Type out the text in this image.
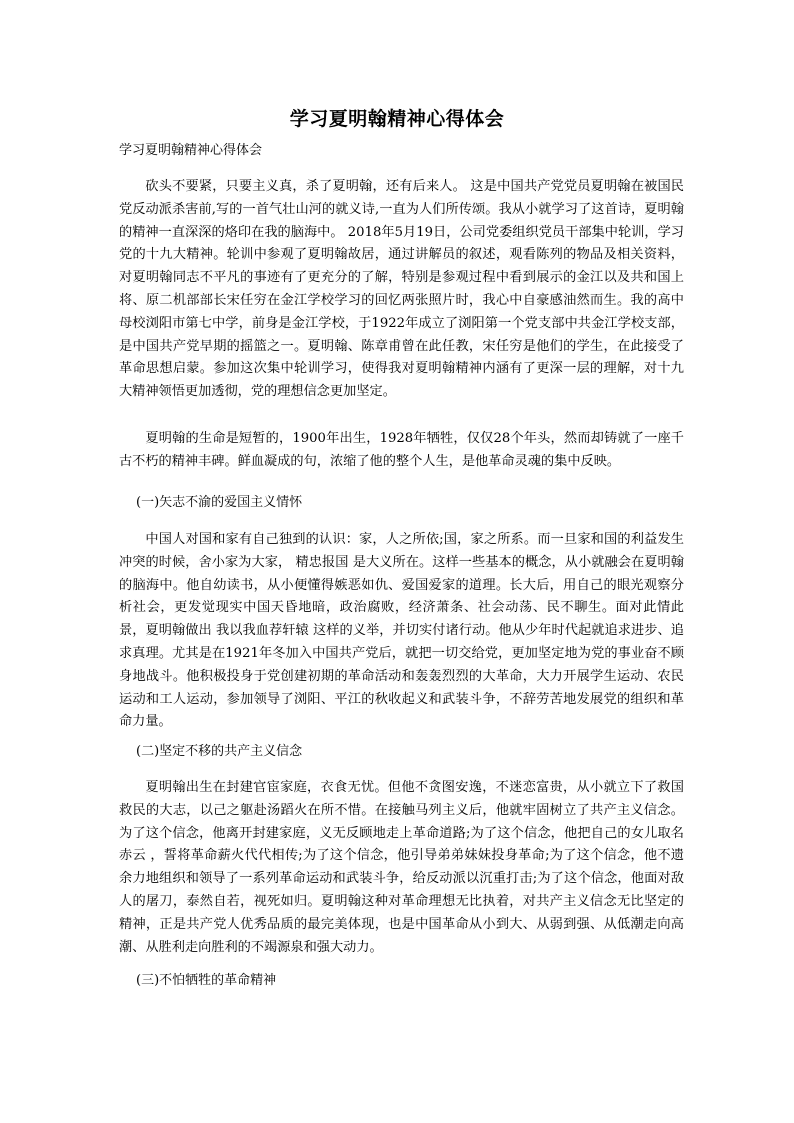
学习夏明翰精神心得体会
学习夏明翰精神心得体会

砍头不要紧，只要主义真，杀了夏明翰，还有后来人。 这是中国共产党党员夏明翰在被国民党反动派杀害前,写的一首气壮山河的就义诗,一直为人们所传颂。我从小就学习了这首诗，夏明翰的精神一直深深的烙印在我的脑海中。 2018年5月19日，公司党委组织党员干部集中轮训，学习党的十九大精神。轮训中参观了夏明翰故居，通过讲解员的叙述，观看陈列的物品及相关资料，对夏明翰同志不平凡的事迹有了更充分的了解，特别是参观过程中看到展示的金江以及共和国上将、原二机部部长宋任穷在金江学校学习的回忆两张照片时，我心中自豪感油然而生。我的高中母校浏阳市第七中学，前身是金江学校，于1922年成立了浏阳第一个党支部中共金江学校支部，是中国共产党早期的摇篮之一。夏明翰、陈章甫曾在此任教，宋任穷是他们的学生，在此接受了革命思想启蒙。参加这次集中轮训学习，使得我对夏明翰精神内涵有了更深一层的理解，对十九大精神领悟更加透彻，党的理想信念更加坚定。

夏明翰的生命是短暂的，1900年出生，1928年牺牲，仅仅28个年头，然而却铸就了一座千古不朽的精神丰碑。鲜血凝成的句，浓缩了他的整个人生，是他革命灵魂的集中反映。

(一)矢志不渝的爱国主义情怀

中国人对国和家有自己独到的认识：家，人之所依;国，家之所系。而一旦家和国的利益发生冲突的时候，舍小家为大家， 精忠报国 是大义所在。这样一些基本的概念，从小就融会在夏明翰的脑海中。他自幼读书，从小便懂得嫉恶如仇、爱国爱家的道理。长大后，用自己的眼光观察分析社会，更发觉现实中国天昏地暗，政治腐败，经济萧条、社会动荡、民不聊生。面对此情此景，夏明翰做出 我以我血荐轩辕 这样的义举，并切实付诸行动。他从少年时代起就追求进步、追求真理。尤其是在1921年冬加入中国共产党后，就把一切交给党，更加坚定地为党的事业奋不顾身地战斗。他积极投身于党创建初期的革命活动和轰轰烈烈的大革命，大力开展学生运动、农民运动和工人运动，参加领导了浏阳、平江的秋收起义和武装斗争，不辞劳苦地发展党的组织和革命力量。

(二)坚定不移的共产主义信念

夏明翰出生在封建官宦家庭，衣食无忧。但他不贪图安逸，不迷恋富贵，从小就立下了救国救民的大志，以己之躯赴汤蹈火在所不惜。在接触马列主义后，他就牢固树立了共产主义信念。为了这个信念，他离开封建家庭，义无反顾地走上革命道路;为了这个信念，他把自己的女儿取名 赤云 ，誓将革命薪火代代相传;为了这个信念，他引导弟弟妹妹投身革命;为了这个信念，他不遗余力地组织和领导了一系列革命运动和武装斗争，给反动派以沉重打击;为了这个信念，他面对敌人的屠刀，泰然自若，视死如归。夏明翰这种对革命理想无比执着，对共产主义信念无比坚定的精神，正是共产党人优秀品质的最完美体现，也是中国革命从小到大、从弱到强、从低潮走向高潮、从胜利走向胜利的不竭源泉和强大动力。

(三)不怕牺牲的革命精神
